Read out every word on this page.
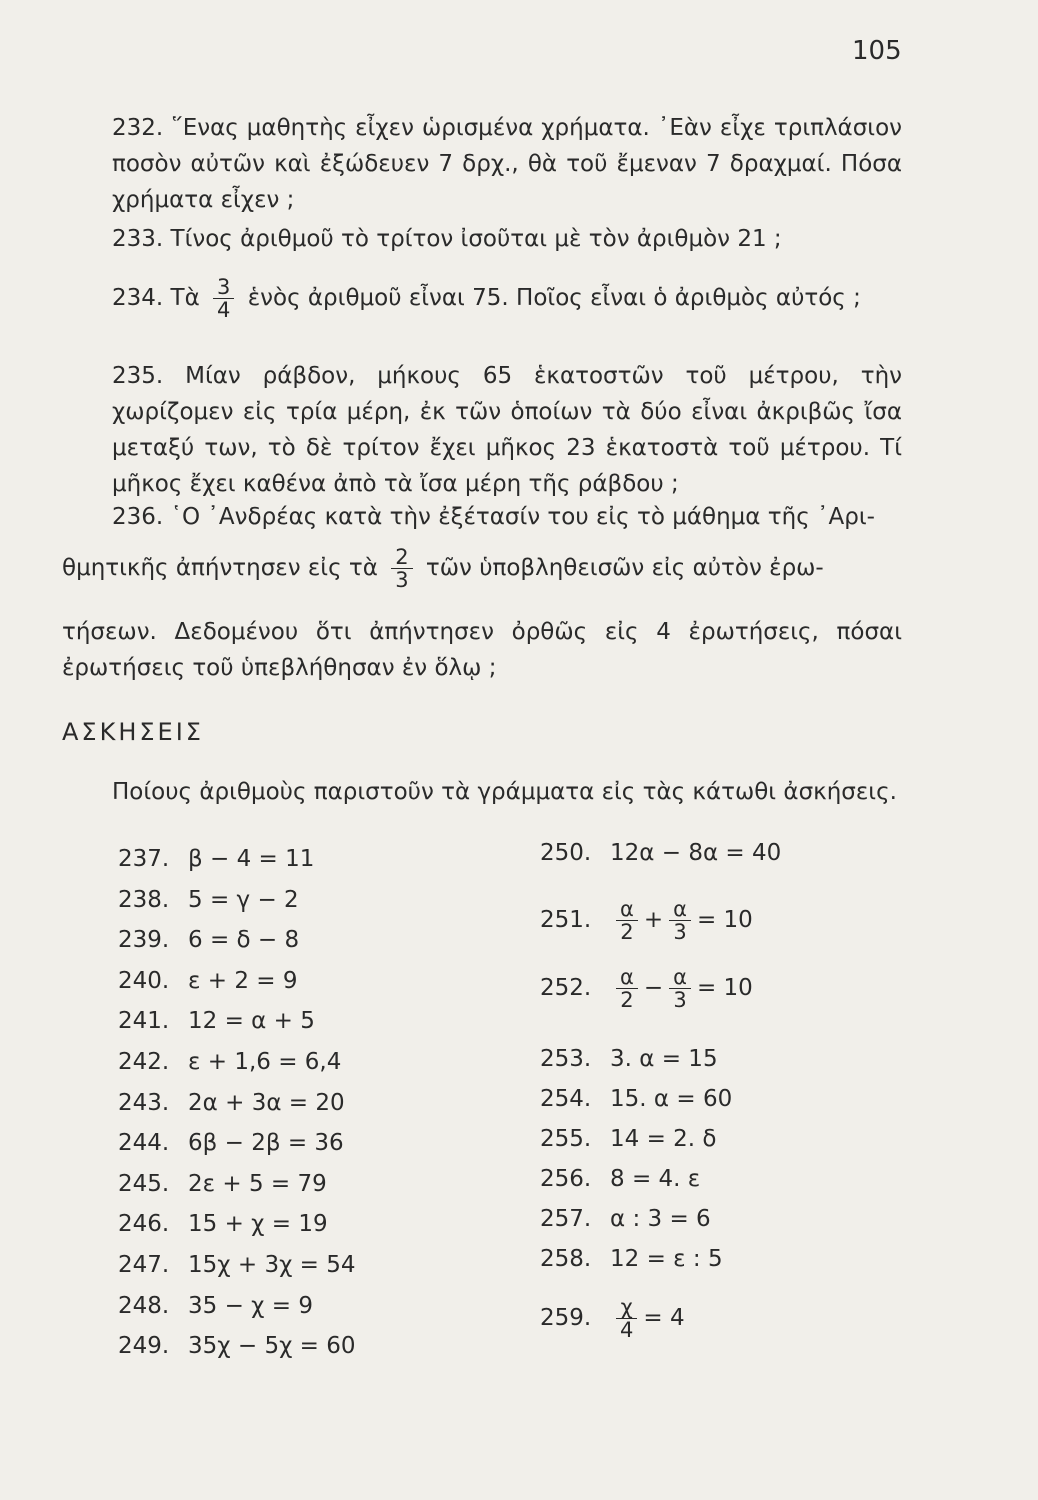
105
232. ῞Ενας μαθητὴς εἶχεν ὡρισμένα χρήματα. ᾿Εὰν εἶχε τριπλάσιον ποσὸν αὐτῶν καὶ ἐξώδευεν 7 δρχ., θὰ τοῦ ἔμεναν 7 δραχμαί. Πόσα χρήματα εἶχεν ;
233. Τίνος ἀριθμοῦ τὸ τρίτον ἰσοῦται μὲ τὸν ἀριθμὸν 21 ;
234. Τὰ $\frac{3}{4}$ ἑνὸς ἀριθμοῦ εἶναι 75. Ποῖος εἶναι ὁ ἀριθμὸς αὐτός ;
235. Μίαν ράβδον, μήκους 65 ἑκατοστῶν τοῦ μέτρου, τὴν χωρίζομεν εἰς τρία μέρη, ἐκ τῶν ὁποίων τὰ δύο εἶναι ἀκριβῶς ἴσα μεταξύ των, τὸ δὲ τρίτον ἔχει μῆκος 23 ἑκατοστὰ τοῦ μέτρου. Τί μῆκος ἔχει καθένα ἀπὸ τὰ ἴσα μέρη τῆς ράβδου ;
236. ῾Ο ᾿Ανδρέας κατὰ τὴν ἐξέτασίν του εἰς τὸ μάθημα τῆς ᾿Αρι-
θμητικῆς ἀπήντησεν εἰς τὰ $\frac{2}{3}$ τῶν ὑποβληθεισῶν εἰς αὐτὸν ἐρω-
τήσεων. Δεδομένου ὅτι ἀπήντησεν ὀρθῶς εἰς 4 ἐρωτήσεις, πόσαι ἐρωτήσεις τοῦ ὑπεβλήθησαν ἐν ὅλῳ ;
ΑΣΚΗΣΕΙΣ
Ποίους ἀριθμοὺς παριστοῦν τὰ γράμματα εἰς τὰς κάτωθι ἀσκήσεις.
237. β − 4 = 11
238. 5 = γ − 2
239. 6 = δ − 8
240. ε + 2 = 9
241. 12 = α + 5
242. ε + 1,6 = 6,4
243. 2α + 3α = 20
244. 6β − 2β = 36
245. 2ε + 5 = 79
246. 15 + χ = 19
247. 15χ + 3χ = 54
248. 35 − χ = 9
249. 35χ − 5χ = 60
250. 12α − 8α = 40
251. $\frac{\alpha}{2} + \frac{\alpha}{3} = 10$
252. $\frac{\alpha}{2} - \frac{\alpha}{3} = 10$
253. 3. α = 15
254. 15. α = 60
255. 14 = 2. δ
256. 8 = 4. ε
257. α : 3 = 6
258. 12 = ε : 5
259. $\frac{\chi}{4} = 4$
